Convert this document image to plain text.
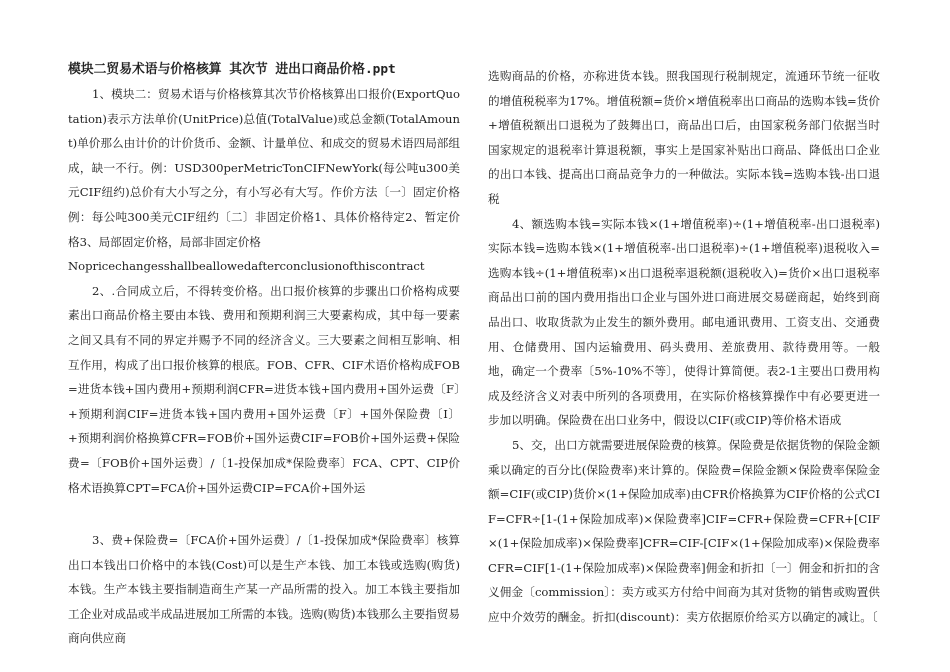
模块二贸易术语与价格核算 其次节 进出口商品价格.ppt

1、模块二：贸易术语与价格核算其次节价格核算出口报价(ExportQuotation)表示方法单价(UnitPrice)总值(TotalValue)或总金额(TotalAmount)单价那么由计价的计价货币、金额、计量单位、和成交的贸易术语四局部组成，缺一不行。例：USD300perMetricTonCIFNewYork(每公吨u300美元CIF纽约)总价有大小写之分，有小写必有大写。作价方法〔一〕固定价格例：每公吨300美元CIF纽约〔二〕非固定价格1、具体价格待定2、暂定价格3、局部固定价格，局部非固定价格

Nopricechangesshallbeallowedafterconclusionofthiscontract

2、.合同成立后，不得转变价格。出口报价核算的步骤出口价格构成要素出口商品价格主要由本钱、费用和预期利润三大要素构成，其中每一要素之间又具有不同的界定并赐予不同的经济含义。三大要素之间相互影响、相互作用，构成了出口报价核算的根底。FOB、CFR、CIF术语价格构成FOB=进货本钱+国内费用+预期利润CFR=进货本钱+国内费用+国外运费〔F〕+预期利润CIF=进货本钱+国内费用+国外运费〔F〕+国外保险费〔I〕+预期利润价格换算CFR=FOB价+国外运费CIF=FOB价+国外运费+保险费=〔FOB价+国外运费〕/〔1-投保加成*保险费率〕FCA、CPT、CIP价格术语换算CPT=FCA价+国外运费CIP=FCA价+国外运

3、费+保险费=〔FCA价+国外运费〕/〔1-投保加成*保险费率〕核算出口本钱出口价格中的本钱(Cost)可以是生产本钱、加工本钱或选购(购货)本钱。生产本钱主要指制造商生产某一产品所需的投入。加工本钱主要指加工企业对成品或半成品进展加工所需的本钱。选购(购货)本钱那么主要指贸易商向供应商

选购商品的价格，亦称进货本钱。照我国现行税制规定，流通环节统一征收的增值税税率为17%。增值税额=货价×增值税率出口商品的选购本钱=货价+增值税额出口退税为了鼓舞出口，商品出口后，由国家税务部门依据当时国家规定的退税率计算退税额，事实上是国家补贴出口商品、降低出口企业的出口本钱、提高出口商品竞争力的一种做法。实际本钱=选购本钱-出口退税

4、额选购本钱=实际本钱×(1+增值税率)÷(1+增值税率-出口退税率)实际本钱=选购本钱×(1+增值税率-出口退税率)÷(1+增值税率)退税收入=选购本钱÷(1+增值税率)×出口退税率退税额(退税收入)=货价×出口退税率商品出口前的国内费用指出口企业与国外进口商进展交易磋商起，始终到商品出口、收取货款为止发生的额外费用。邮电通讯费用、工资支出、交通费用、仓储费用、国内运输费用、码头费用、差旅费用、款待费用等。一般地，确定一个费率〔5%-10%不等〕，使得计算简便。表2-1主要出口费用构成及经济含义对表中所列的各项费用，在实际价格核算操作中有必要更进一步加以明确。保险费在出口业务中，假设以CIF(或CIP)等价格术语成

5、交，出口方就需要进展保险费的核算。保险费是依据货物的保险金额乘以确定的百分比(保险费率)来计算的。保险费=保险金额×保险费率保险金额=CIF(或CIP)货价×(1+保险加成率)由CFR价格换算为CIF价格的公式CIF=CFR÷[1-(1+保险加成率)×保险费率]CIF=CFR+保险费=CFR+[CIF×(1+保险加成率)×保险费率]CFR=CIF-[CIF×(1+保险加成率)×保险费率CFR=CIF[1-(1+保险加成率)×保险费率]佣金和折扣〔一〕佣金和折扣的含义佣金〔commission〕：卖方或买方付给中间商为其对货物的销售或购置供应中介效劳的酬金。折扣(discount)：卖方依据原价给买方以确定的减让。〔
